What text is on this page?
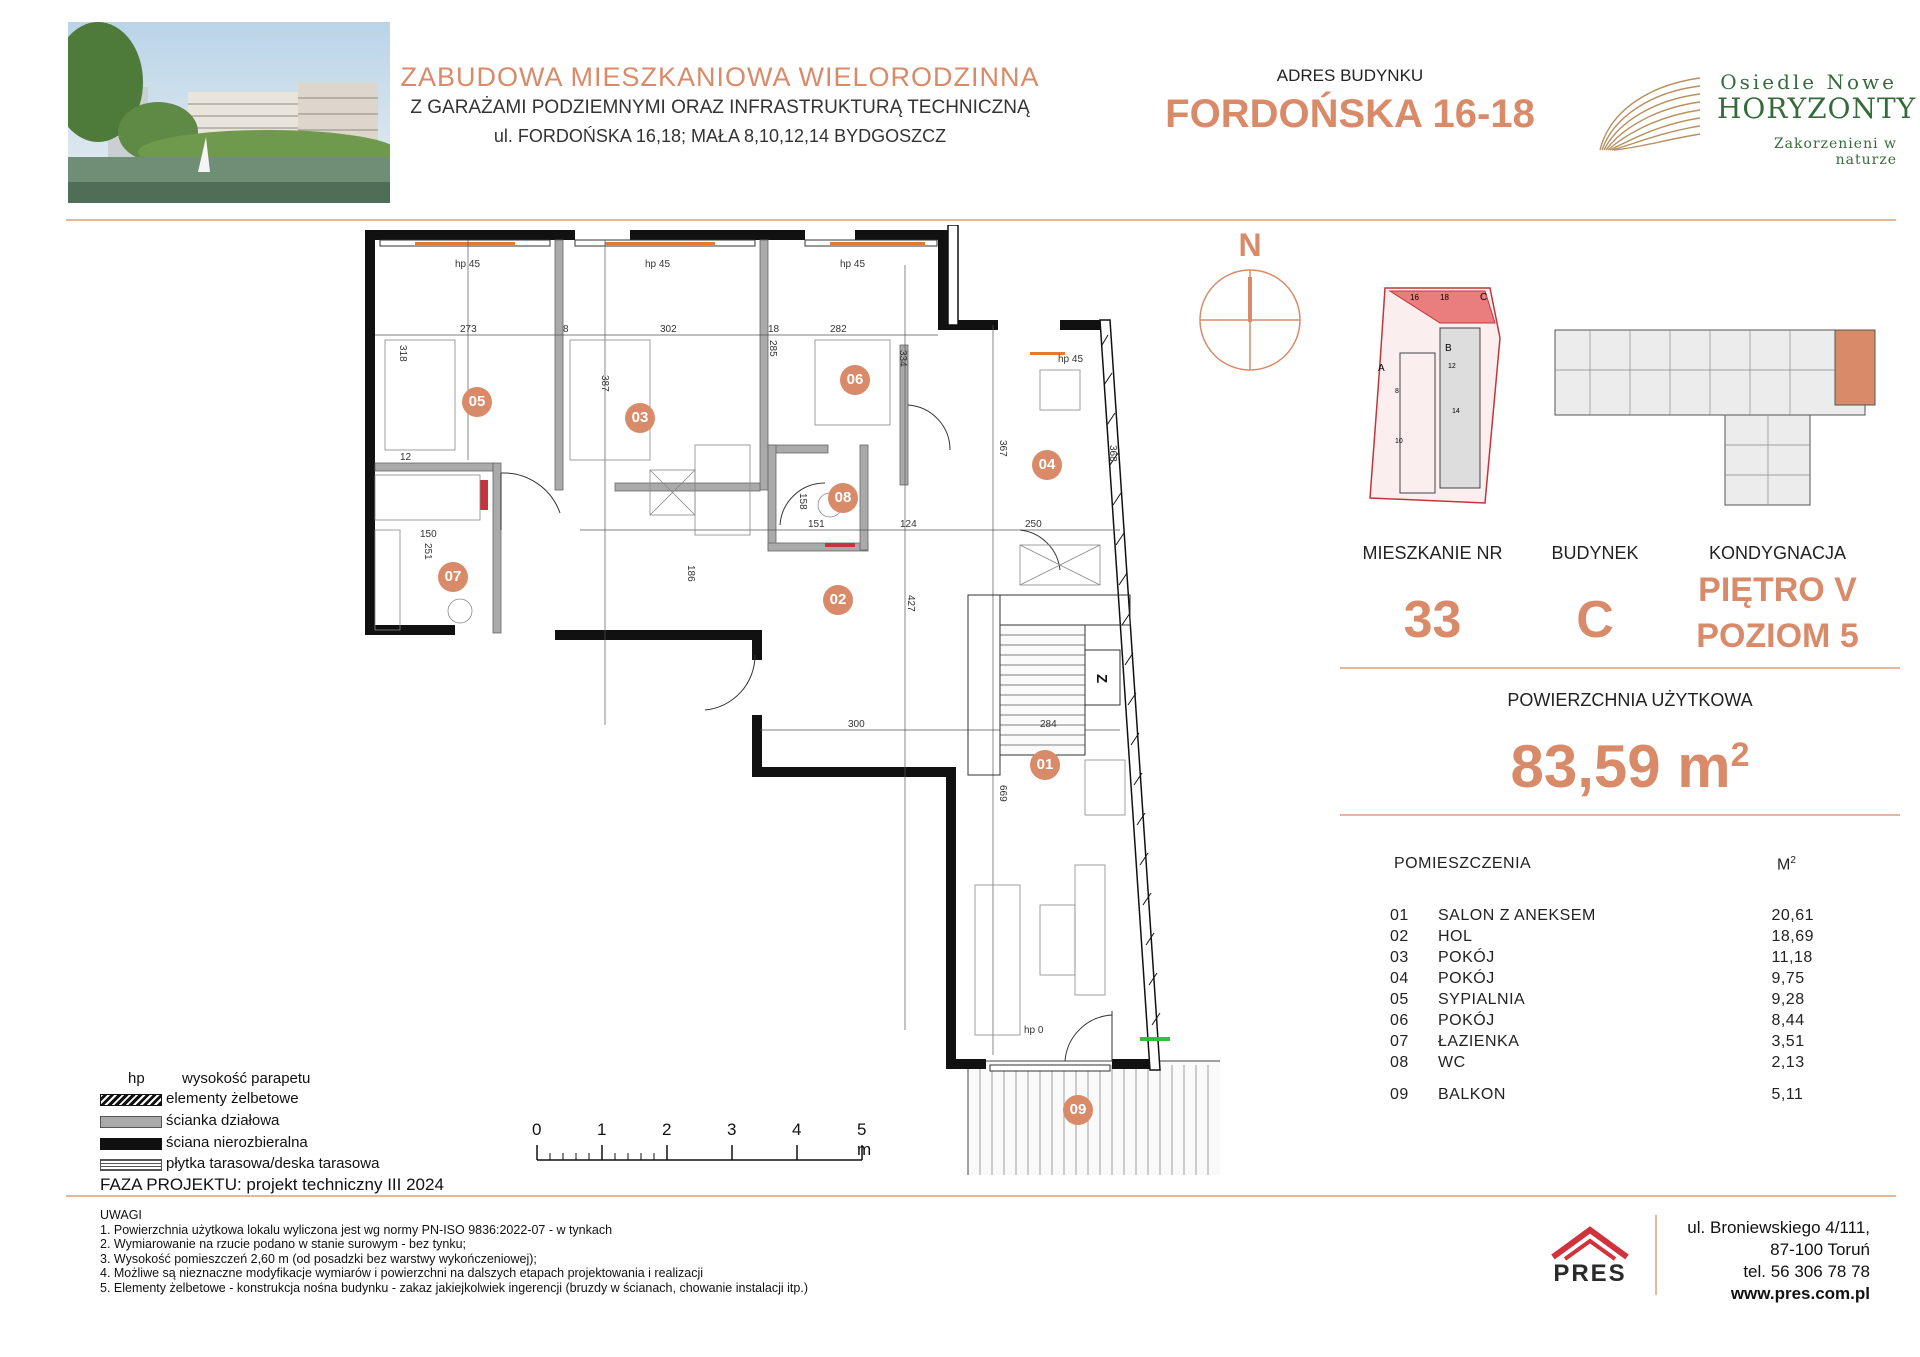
ZABUDOWA MIESZKANIOWA WIELORODZINNA
Z GARAŻAMI PODZIEMNYMI ORAZ INFRASTRUKTURĄ TECHNICZNĄ
ul. FORDOŃSKA 16,18; MAŁA 8,10,12,14 BYDGOSZCZ
ADRES BUDYNKU
FORDOŃSKA 16-18
Osiedle Nowe
HORYZONTY
Zakorzenieni w naturze
Z
273	302	282
318
387
285
334
367	368
151	124	250
150
251
186
427
300	284
669
hp 45	hp 45	hp 45
hp 45
hp 0
8	18
12
158
05
03
06
04
08
07
02
01
09
N
16	18	C
B
A
8
10
12
14
MIESZKANIE NR	BUDYNEK	KONDYGNACJA
33	C
PIĘTRO V
POZIOM 5
POWIERZCHNIA UŻYTKOWA
83,59 $m^2$
POMIESZCZENIA	$M^2$
01	SALON Z ANEKSEM	20,61
02	HOL	18,69
03	POKÓJ	11,18
04	POKÓJ	9,75
05	SYPIALNIA	9,28
06	POKÓJ	8,44
07	ŁAZIENKA	3,51
08	WC	2,13

09	BALKON	5,11
hp wysokość parapetu
elementy żelbetowe
ścianka działowa
ściana nierozbieralna
płytka tarasowa/deska tarasowa
FAZA PROJEKTU: projekt techniczny III 2024
0	1	2	3	4	5 m
UWAGI
1. Powierzchnia użytkowa lokalu wyliczona jest wg normy PN-ISO 9836:2022-07 - w tynkach
2. Wymiarowanie na rzucie podano w stanie surowym - bez tynku;
3. Wysokość pomieszczeń 2,60 m (od posadzki bez warstwy wykończeniowej);
4. Możliwe są nieznaczne modyfikacje wymiarów i powierzchni na dalszych etapach projektowania i realizacji
5. Elementy żelbetowe - konstrukcja nośna budynku - zakaz jakiejkolwiek ingerencji (bruzdy w ścianach, chowanie instalacji itp.)
PRES
ul. Broniewskiego 4/111,
87-100 Toruń
tel. 56 306 78 78
www.pres.com.pl
